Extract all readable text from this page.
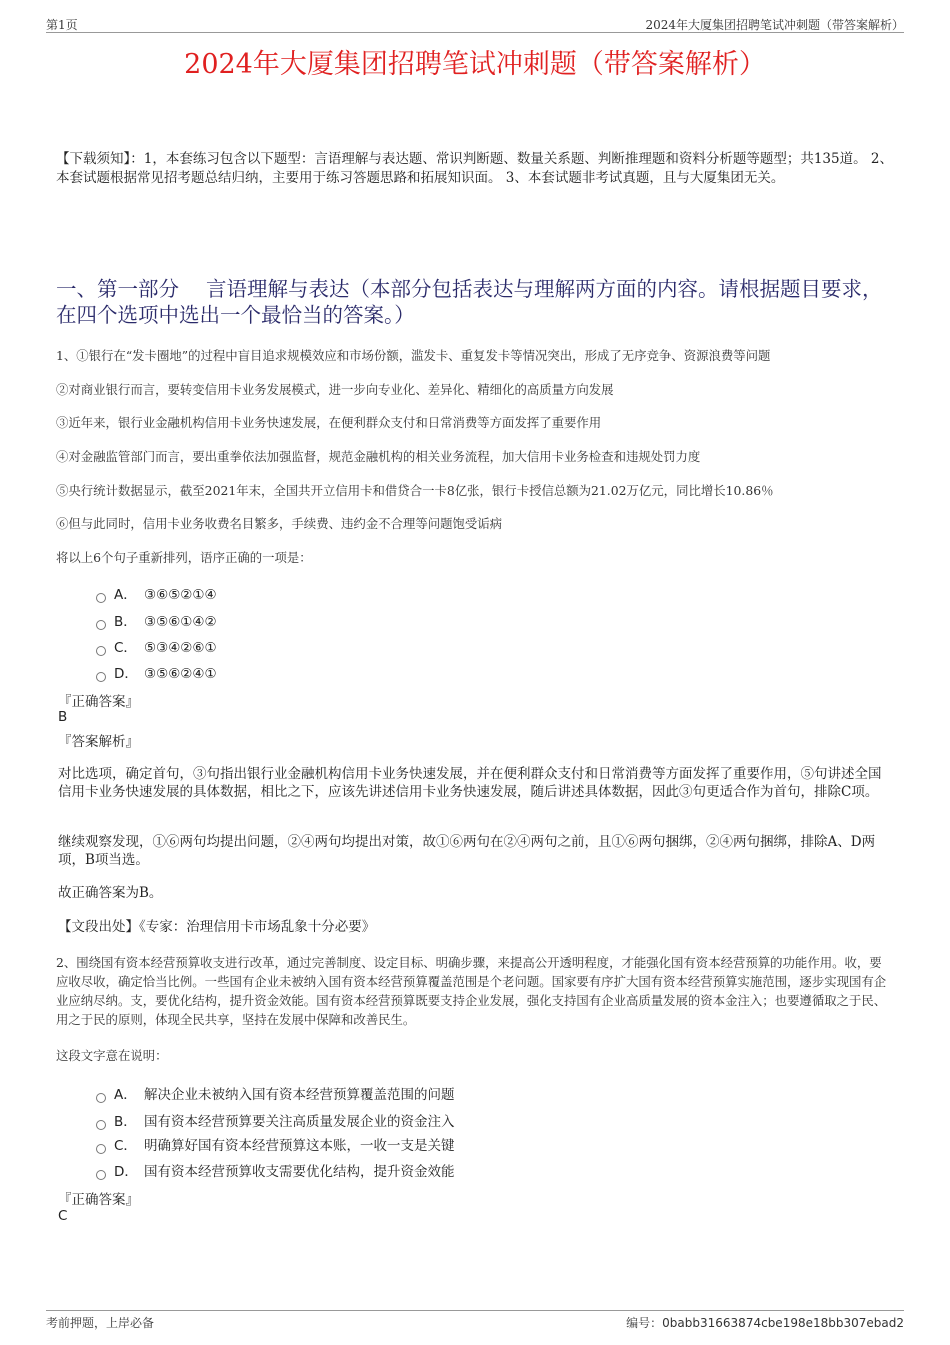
第1页	2024年大厦集团招聘笔试冲刺题（带答案解析）
2024年大厦集团招聘笔试冲刺题（带答案解析）
【下载须知】：1，本套练习包含以下题型：言语理解与表达题、常识判断题、数量关系题、判断推理题和资料分析题等题型；共135道。 2、本套试题根据常见招考题总结归纳，主要用于练习答题思路和拓展知识面。 3、本套试题非考试真题，且与大厦集团无关。
一、第一部分　 言语理解与表达（本部分包括表达与理解两方面的内容。请根据题目要求，在四个选项中选出一个最恰当的答案。）
1、①银行在“发卡圈地”的过程中盲目追求规模效应和市场份额，滥发卡、重复发卡等情况突出，形成了无序竞争、资源浪费等问题
②对商业银行而言，要转变信用卡业务发展模式，进一步向专业化、差异化、精细化的高质量方向发展
③近年来，银行业金融机构信用卡业务快速发展，在便利群众支付和日常消费等方面发挥了重要作用
④对金融监管部门而言，要出重拳依法加强监督，规范金融机构的相关业务流程，加大信用卡业务检查和违规处罚力度
⑤央行统计数据显示，截至2021年末，全国共开立信用卡和借贷合一卡8亿张，银行卡授信总额为21.02万亿元，同比增长10.86％
⑥但与此同时，信用卡业务收费名目繁多，手续费、违约金不合理等问题饱受诟病
将以上6个句子重新排列，语序正确的一项是：
A． ③⑥⑤②①④
B． ③⑤⑥①④②
C． ⑤③④②⑥①
D． ③⑤⑥②④①
『正确答案』
B
『答案解析』
对比选项，确定首句，③句指出银行业金融机构信用卡业务快速发展，并在便利群众支付和日常消费等方面发挥了重要作用，⑤句讲述全国信用卡业务快速发展的具体数据，相比之下，应该先讲述信用卡业务快速发展，随后讲述具体数据，因此③句更适合作为首句，排除C项。
继续观察发现，①⑥两句均提出问题，②④两句均提出对策，故①⑥两句在②④两句之前，且①⑥两句捆绑，②④两句捆绑，排除A、D两项，B项当选。
故正确答案为B。
【文段出处】《专家：治理信用卡市场乱象十分必要》
2、围绕国有资本经营预算收支进行改革，通过完善制度、设定目标、明确步骤，来提高公开透明程度，才能强化国有资本经营预算的功能作用。收，要应收尽收，确定恰当比例。一些国有企业未被纳入国有资本经营预算覆盖范围是个老问题。国家要有序扩大国有资本经营预算实施范围，逐步实现国有企业应纳尽纳。支，要优化结构，提升资金效能。国有资本经营预算既要支持企业发展，强化支持国有企业高质量发展的资本金注入；也要遵循取之于民、用之于民的原则，体现全民共享，坚持在发展中保障和改善民生。
这段文字意在说明：
A． 解决企业未被纳入国有资本经营预算覆盖范围的问题
B． 国有资本经营预算要关注高质量发展企业的资金注入
C． 明确算好国有资本经营预算这本账，一收一支是关键
D． 国有资本经营预算收支需要优化结构，提升资金效能
『正确答案』
C
考前押题，上岸必备	编号：0babb31663874cbe198e18bb307ebad2
